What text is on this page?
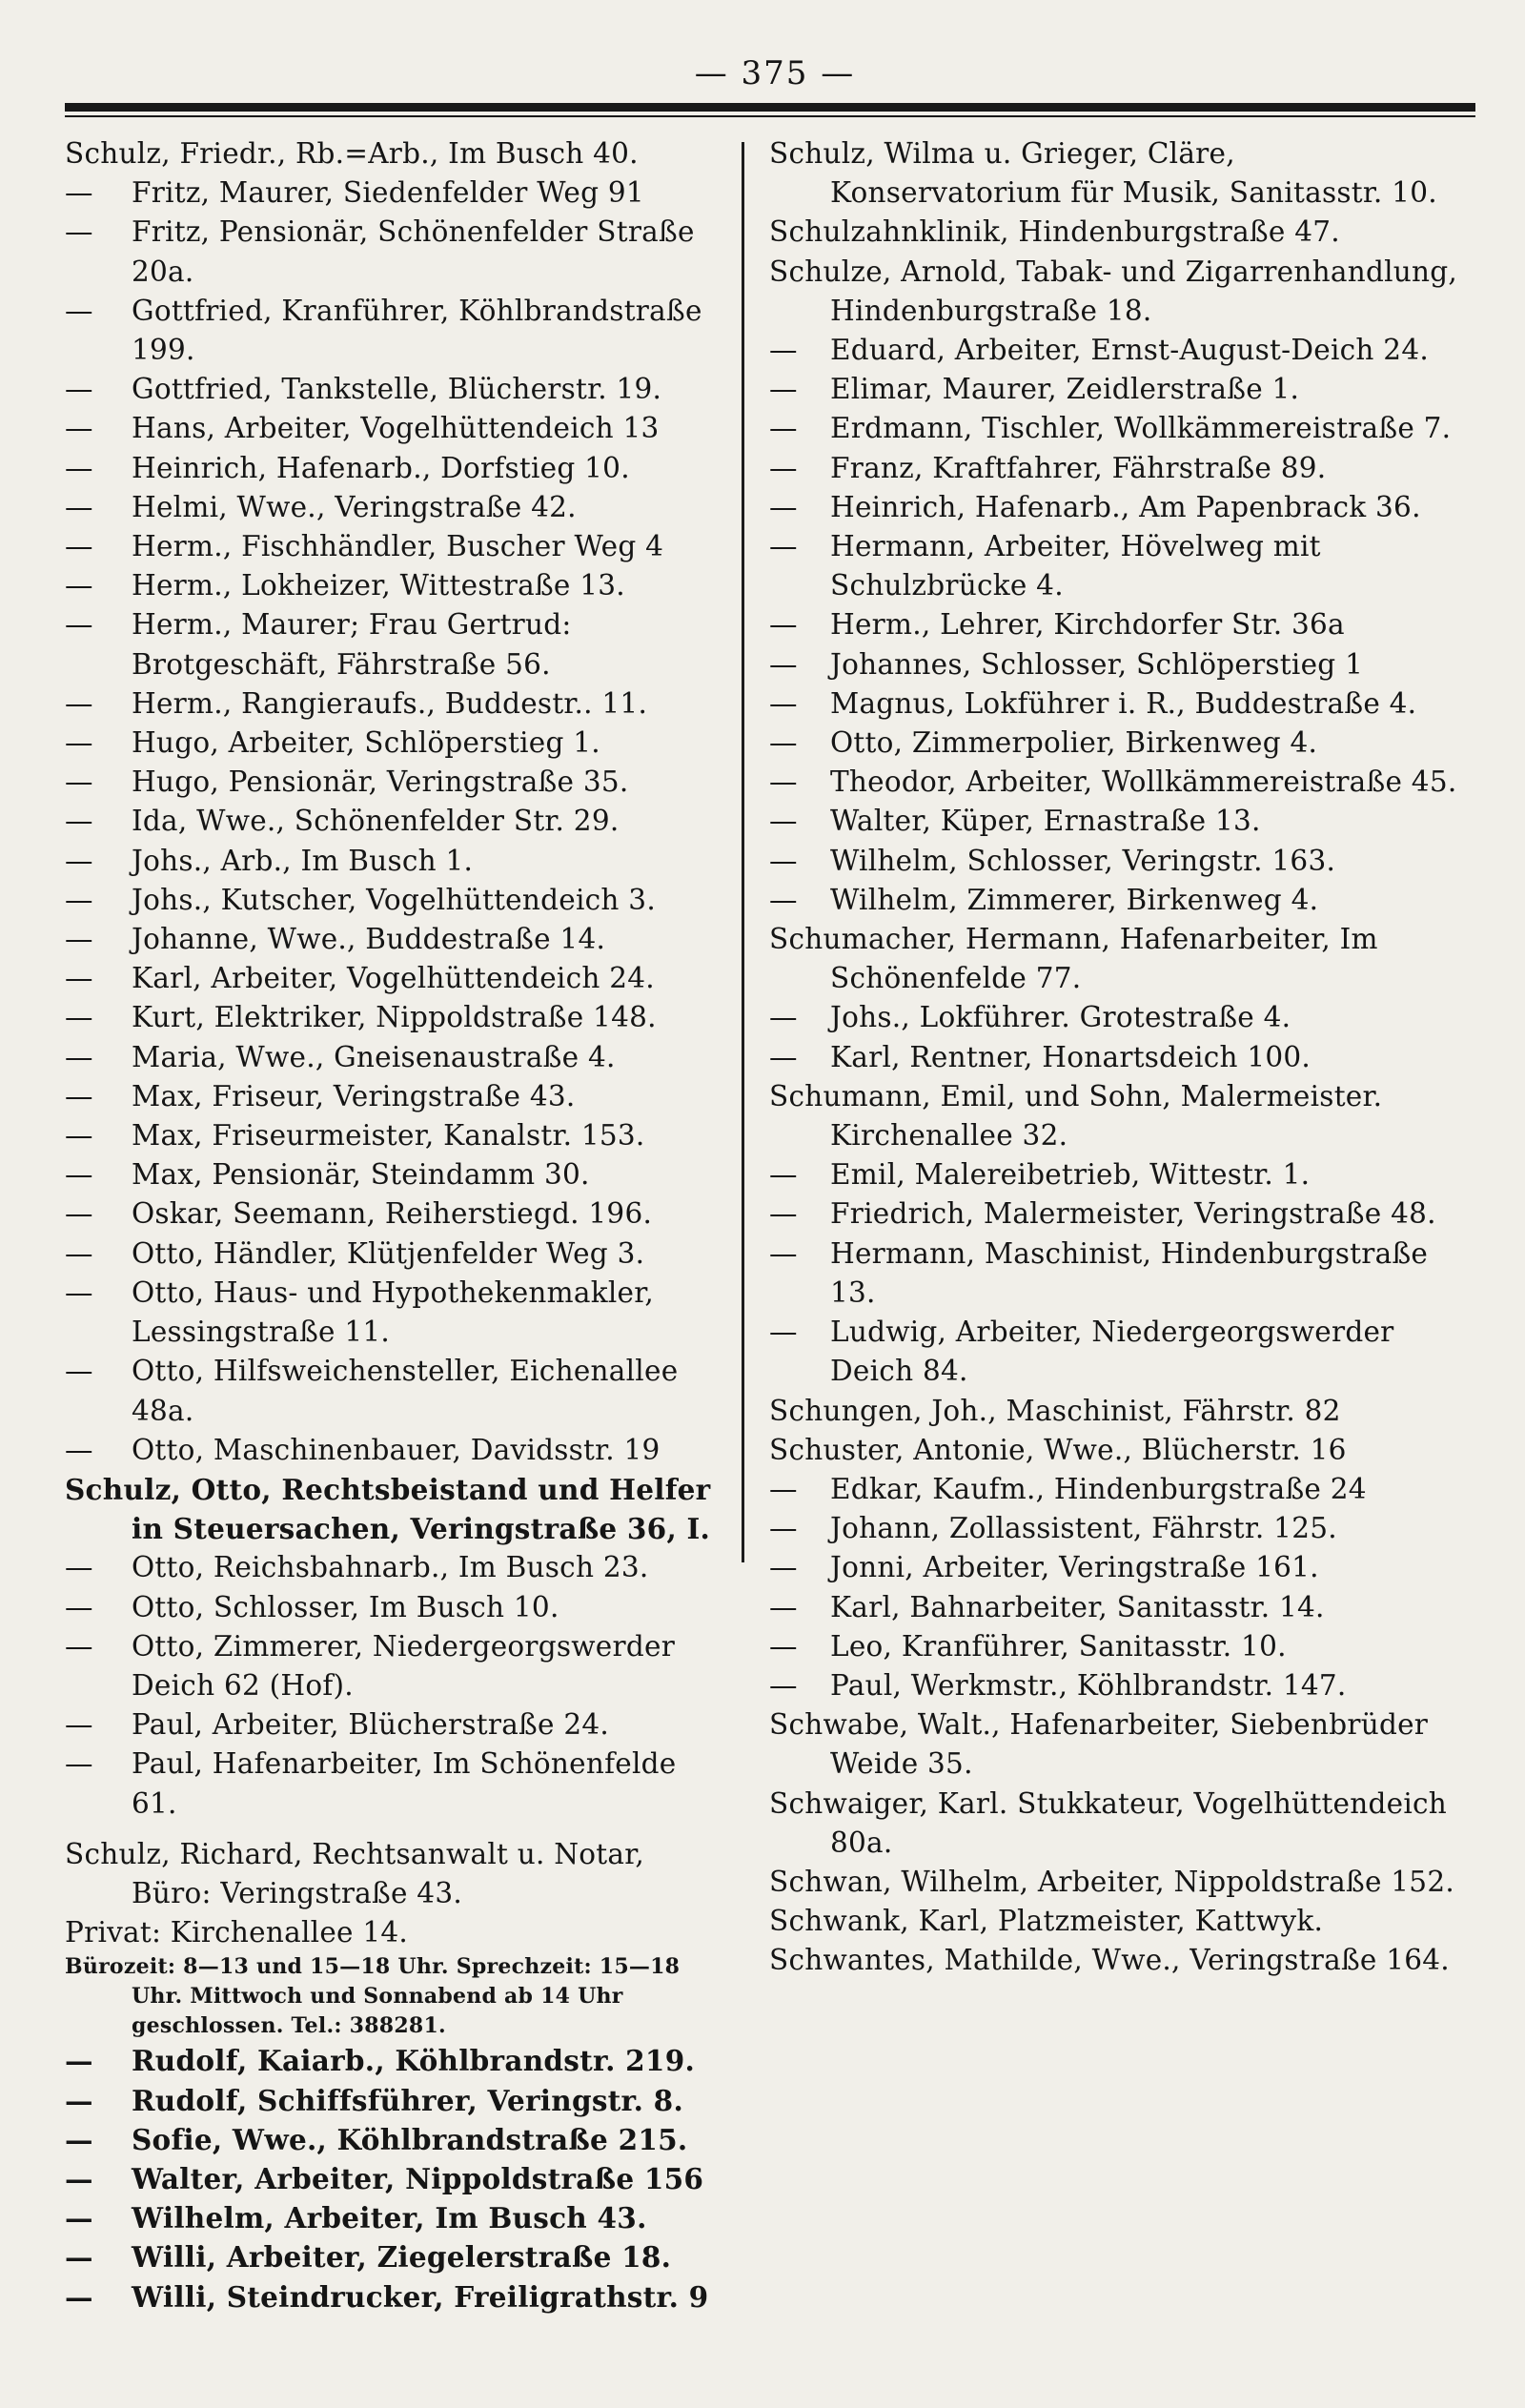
— 375 —
Schulz, Friedr., Rb.=Arb., Im Busch 40.
— Fritz, Maurer, Siedenfelder Weg 91
— Fritz, Pensionär, Schönenfelder Straße 20a.
— Gottfried, Kranführer, Köhlbrandstraße 199.
— Gottfried, Tankstelle, Blücherstr. 19.
— Hans, Arbeiter, Vogelhüttendeich 13
— Heinrich, Hafenarb., Dorfstieg 10.
— Helmi, Wwe., Veringstraße 42.
— Herm., Fischhändler, Buscher Weg 4
— Herm., Lokheizer, Wittestraße 13.
— Herm., Maurer; Frau Gertrud: Brotgeschäft, Fährstraße 56.
— Herm., Rangieraufs., Buddestr.. 11.
— Hugo, Arbeiter, Schlöperstieg 1.
— Hugo, Pensionär, Veringstraße 35.
— Ida, Wwe., Schönenfelder Str. 29.
— Johs., Arb., Im Busch 1.
— Johs., Kutscher, Vogelhüttendeich 3.
— Johanne, Wwe., Buddestraße 14.
— Karl, Arbeiter, Vogelhüttendeich 24.
— Kurt, Elektriker, Nippoldstraße 148.
— Maria, Wwe., Gneisenaustraße 4.
— Max, Friseur, Veringstraße 43.
— Max, Friseurmeister, Kanalstr. 153.
— Max, Pensionär, Steindamm 30.
— Oskar, Seemann, Reiherstiegd. 196.
— Otto, Händler, Klütjenfelder Weg 3.
— Otto, Haus- und Hypothekenmakler, Lessingstraße 11.
— Otto, Hilfsweichensteller, Eichenallee 48a.
— Otto, Maschinenbauer, Davidsstr. 19
Schulz, Otto, Rechtsbeistand und Helfer in Steuersachen, Veringstraße 36, I.
— Otto, Reichsbahnarb., Im Busch 23.
— Otto, Schlosser, Im Busch 10.
— Otto, Zimmerer, Niedergeorgswerder Deich 62 (Hof).
— Paul, Arbeiter, Blücherstraße 24.
— Paul, Hafenarbeiter, Im Schönenfelde 61.
Schulz, Richard, Rechtsanwalt u. Notar, Büro: Veringstraße 43.
Privat: Kirchenallee 14.
Bürozeit: 8—13 und 15—18 Uhr. Sprechzeit: 15—18 Uhr. Mittwoch und Sonnabend ab 14 Uhr geschlossen. Tel.: 388281.
— Rudolf, Kaiarb., Köhlbrandstr. 219.
— Rudolf, Schiffsführer, Veringstr. 8.
— Sofie, Wwe., Köhlbrandstraße 215.
— Walter, Arbeiter, Nippoldstraße 156
— Wilhelm, Arbeiter, Im Busch 43.
— Willi, Arbeiter, Ziegelerstraße 18.
— Willi, Steindrucker, Freiligrathstr. 9
Schulz, Wilma u. Grieger, Cläre, Konservatorium für Musik, Sanitasstr. 10.
Schulzahnklinik, Hindenburgstraße 47.
Schulze, Arnold, Tabak- und Zigarrenhandlung, Hindenburgstraße 18.
— Eduard, Arbeiter, Ernst-August-Deich 24.
— Elimar, Maurer, Zeidlerstraße 1.
— Erdmann, Tischler, Wollkämmereistraße 7.
— Franz, Kraftfahrer, Fährstraße 89.
— Heinrich, Hafenarb., Am Papenbrack 36.
— Hermann, Arbeiter, Hövelweg mit Schulzbrücke 4.
— Herm., Lehrer, Kirchdorfer Str. 36a
— Johannes, Schlosser, Schlöperstieg 1
— Magnus, Lokführer i. R., Buddestraße 4.
— Otto, Zimmerpolier, Birkenweg 4.
— Theodor, Arbeiter, Wollkämmereistraße 45.
— Walter, Küper, Ernastraße 13.
— Wilhelm, Schlosser, Veringstr. 163.
— Wilhelm, Zimmerer, Birkenweg 4.
Schumacher, Hermann, Hafenarbeiter, Im Schönenfelde 77.
— Johs., Lokführer. Grotestraße 4.
— Karl, Rentner, Honartsdeich 100.
Schumann, Emil, und Sohn, Malermeister. Kirchenallee 32.
— Emil, Malereibetrieb, Wittestr. 1.
— Friedrich, Malermeister, Veringstraße 48.
— Hermann, Maschinist, Hindenburgstraße 13.
— Ludwig, Arbeiter, Niedergeorgswerder Deich 84.
Schungen, Joh., Maschinist, Fährstr. 82
Schuster, Antonie, Wwe., Blücherstr. 16
— Edkar, Kaufm., Hindenburgstraße 24
— Johann, Zollassistent, Fährstr. 125.
— Jonni, Arbeiter, Veringstraße 161.
— Karl, Bahnarbeiter, Sanitasstr. 14.
— Leo, Kranführer, Sanitasstr. 10.
— Paul, Werkmstr., Köhlbrandstr. 147.
Schwabe, Walt., Hafenarbeiter, Siebenbrüder Weide 35.
Schwaiger, Karl. Stukkateur, Vogelhüttendeich 80a.
Schwan, Wilhelm, Arbeiter, Nippoldstraße 152.
Schwank, Karl, Platzmeister, Kattwyk.
Schwantes, Mathilde, Wwe., Veringstraße 164.
